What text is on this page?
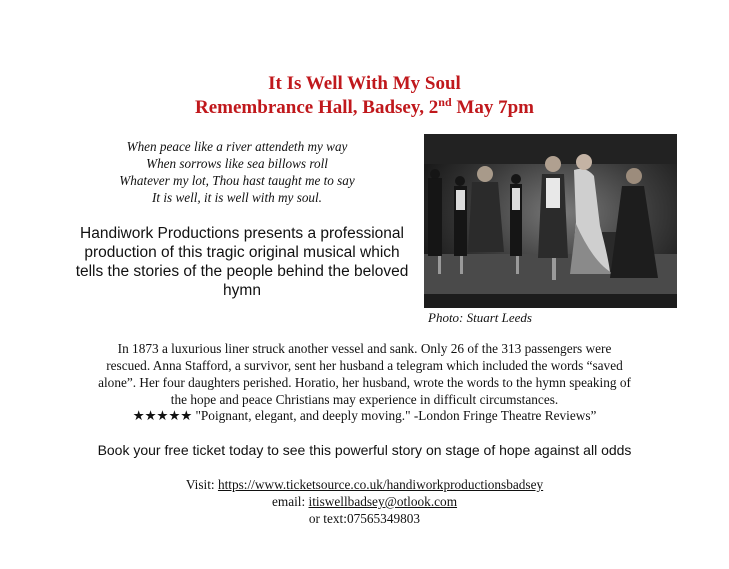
It Is Well With My Soul
Remembrance Hall, Badsey, 2nd May 7pm
When peace like a river attendeth my way
When sorrows like sea billows roll
Whatever my lot, Thou hast taught me to say
It is well, it is well with my soul.
Handiwork Productions presents a professional
production of this tragic original musical which
tells the stories of the people behind the beloved
hymn
Photo: Stuart Leeds
In 1873 a luxurious liner struck another vessel and sank. Only 26 of the 313 passengers were
rescued. Anna Stafford, a survivor, sent her husband a telegram which included the words “saved
alone”. Her four daughters perished. Horatio, her husband, wrote the words to the hymn speaking of
the hope and peace Christians may experience in difficult circumstances.
★★★★★ "Poignant, elegant, and deeply moving." -London Fringe Theatre Reviews”
Book your free ticket today to see this powerful story on stage of hope against all odds
Visit: https://www.ticketsource.co.uk/handiworkproductionsbadsey
email: itiswellbadsey@otlook.com
or text:07565349803
